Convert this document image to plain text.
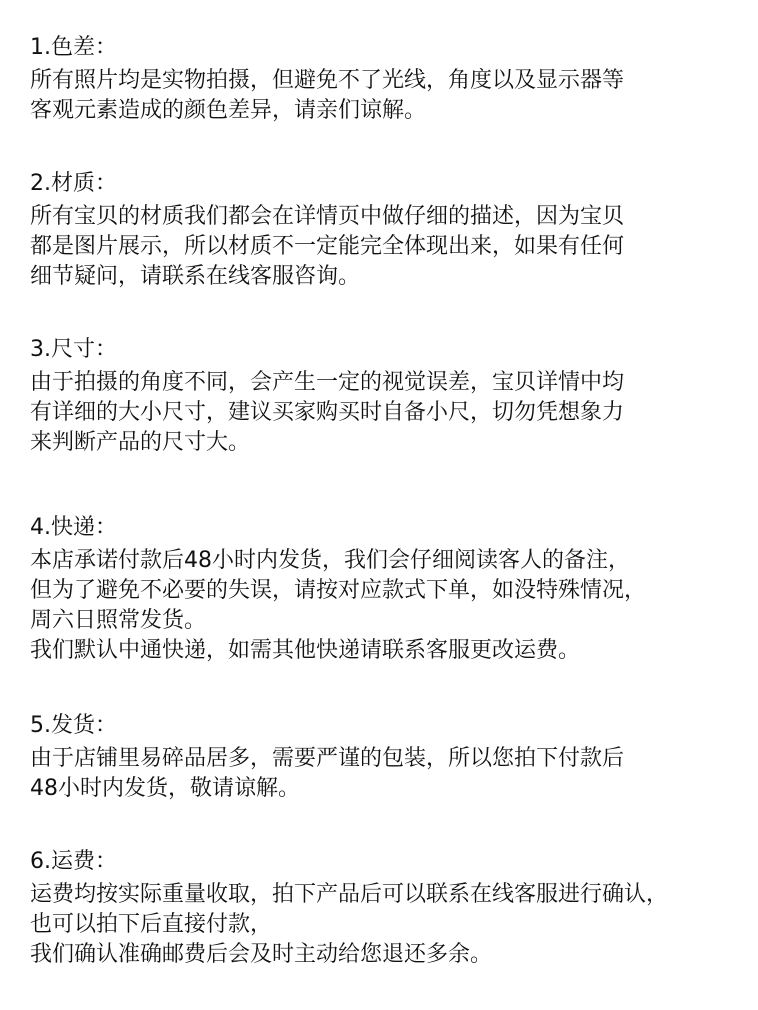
1.色差：
所有照片均是实物拍摄，但避免不了光线，角度以及显示器等
客观元素造成的颜色差异，请亲们谅解。
2.材质：
所有宝贝的材质我们都会在详情页中做仔细的描述，因为宝贝
都是图片展示，所以材质不一定能完全体现出来，如果有任何
细节疑问，请联系在线客服咨询。
3.尺寸：
由于拍摄的角度不同，会产生一定的视觉误差，宝贝详情中均
有详细的大小尺寸，建议买家购买时自备小尺，切勿凭想象力
来判断产品的尺寸大。
4.快递：
本店承诺付款后48小时内发货，我们会仔细阅读客人的备注，
但为了避免不必要的失误，请按对应款式下单，如没特殊情况，
周六日照常发货。
我们默认中通快递，如需其他快递请联系客服更改运费。
5.发货：
由于店铺里易碎品居多，需要严谨的包装，所以您拍下付款后
48小时内发货，敬请谅解。
6.运费：
运费均按实际重量收取，拍下产品后可以联系在线客服进行确认，
也可以拍下后直接付款，
我们确认准确邮费后会及时主动给您退还多余。
